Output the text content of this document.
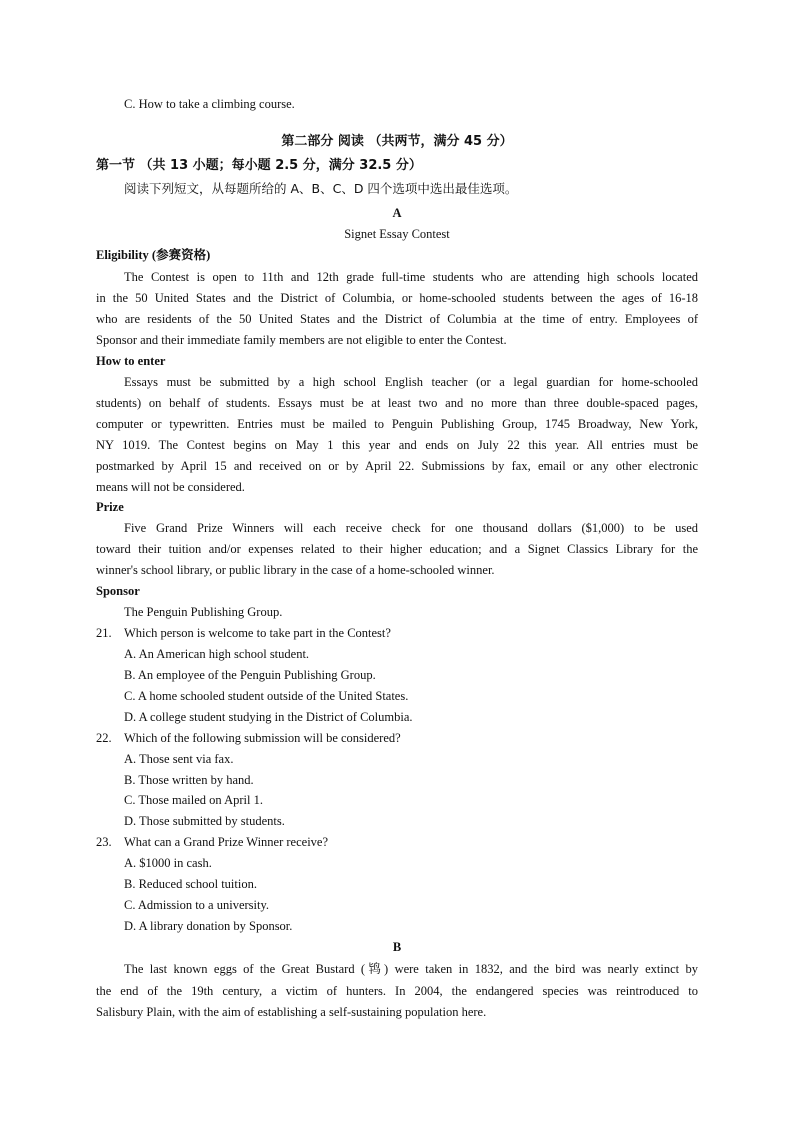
C. How to take a climbing course.
第二部分 阅读 （共两节，满分 45 分）
第一节 （共 13 小题；每小题 2.5 分，满分 32.5 分）
阅读下列短文，从每题所给的 A、B、C、D 四个选项中选出最佳选项。
A
Signet Essay Contest
Eligibility (参赛资格)
The Contest is open to 11th and 12th grade full-time students who are attending high schools located
in the 50 United States and the District of Columbia, or home-schooled students between the ages of 16-18
who are residents of the 50 United States and the District of Columbia at the time of entry. Employees of
Sponsor and their immediate family members are not eligible to enter the Contest.
How to enter
Essays must be submitted by a high school English teacher (or a legal guardian for home-schooled
students) on behalf of students. Essays must be at least two and no more than three double-spaced pages,
computer or typewritten. Entries must be mailed to Penguin Publishing Group, 1745 Broadway, New York,
NY 1019. The Contest begins on May 1 this year and ends on July 22 this year. All entries must be
postmarked by April 15 and received on or by April 22. Submissions by fax, email or any other electronic
means will not be considered.
Prize
Five Grand Prize Winners will each receive check for one thousand dollars ($1,000) to be used
toward their tuition and/or expenses related to their higher education; and a Signet Classics Library for the
winner's school library, or public library in the case of a home-schooled winner.
Sponsor
The Penguin Publishing Group.
21. Which person is welcome to take part in the Contest?
A. An American high school student.
B. An employee of the Penguin Publishing Group.
C. A home schooled student outside of the United States.
D. A college student studying in the District of Columbia.
22. Which of the following submission will be considered?
A. Those sent via fax.
B. Those written by hand.
C. Those mailed on April 1.
D. Those submitted by students.
23. What can a Grand Prize Winner receive?
A. $1000 in cash.
B. Reduced school tuition.
C. Admission to a university.
D. A library donation by Sponsor.
B
The last known eggs of the Great Bustard (鸨) were taken in 1832, and the bird was nearly extinct by
the end of the 19th century, a victim of hunters. In 2004, the endangered species was reintroduced to
Salisbury Plain, with the aim of establishing a self-sustaining population here.
